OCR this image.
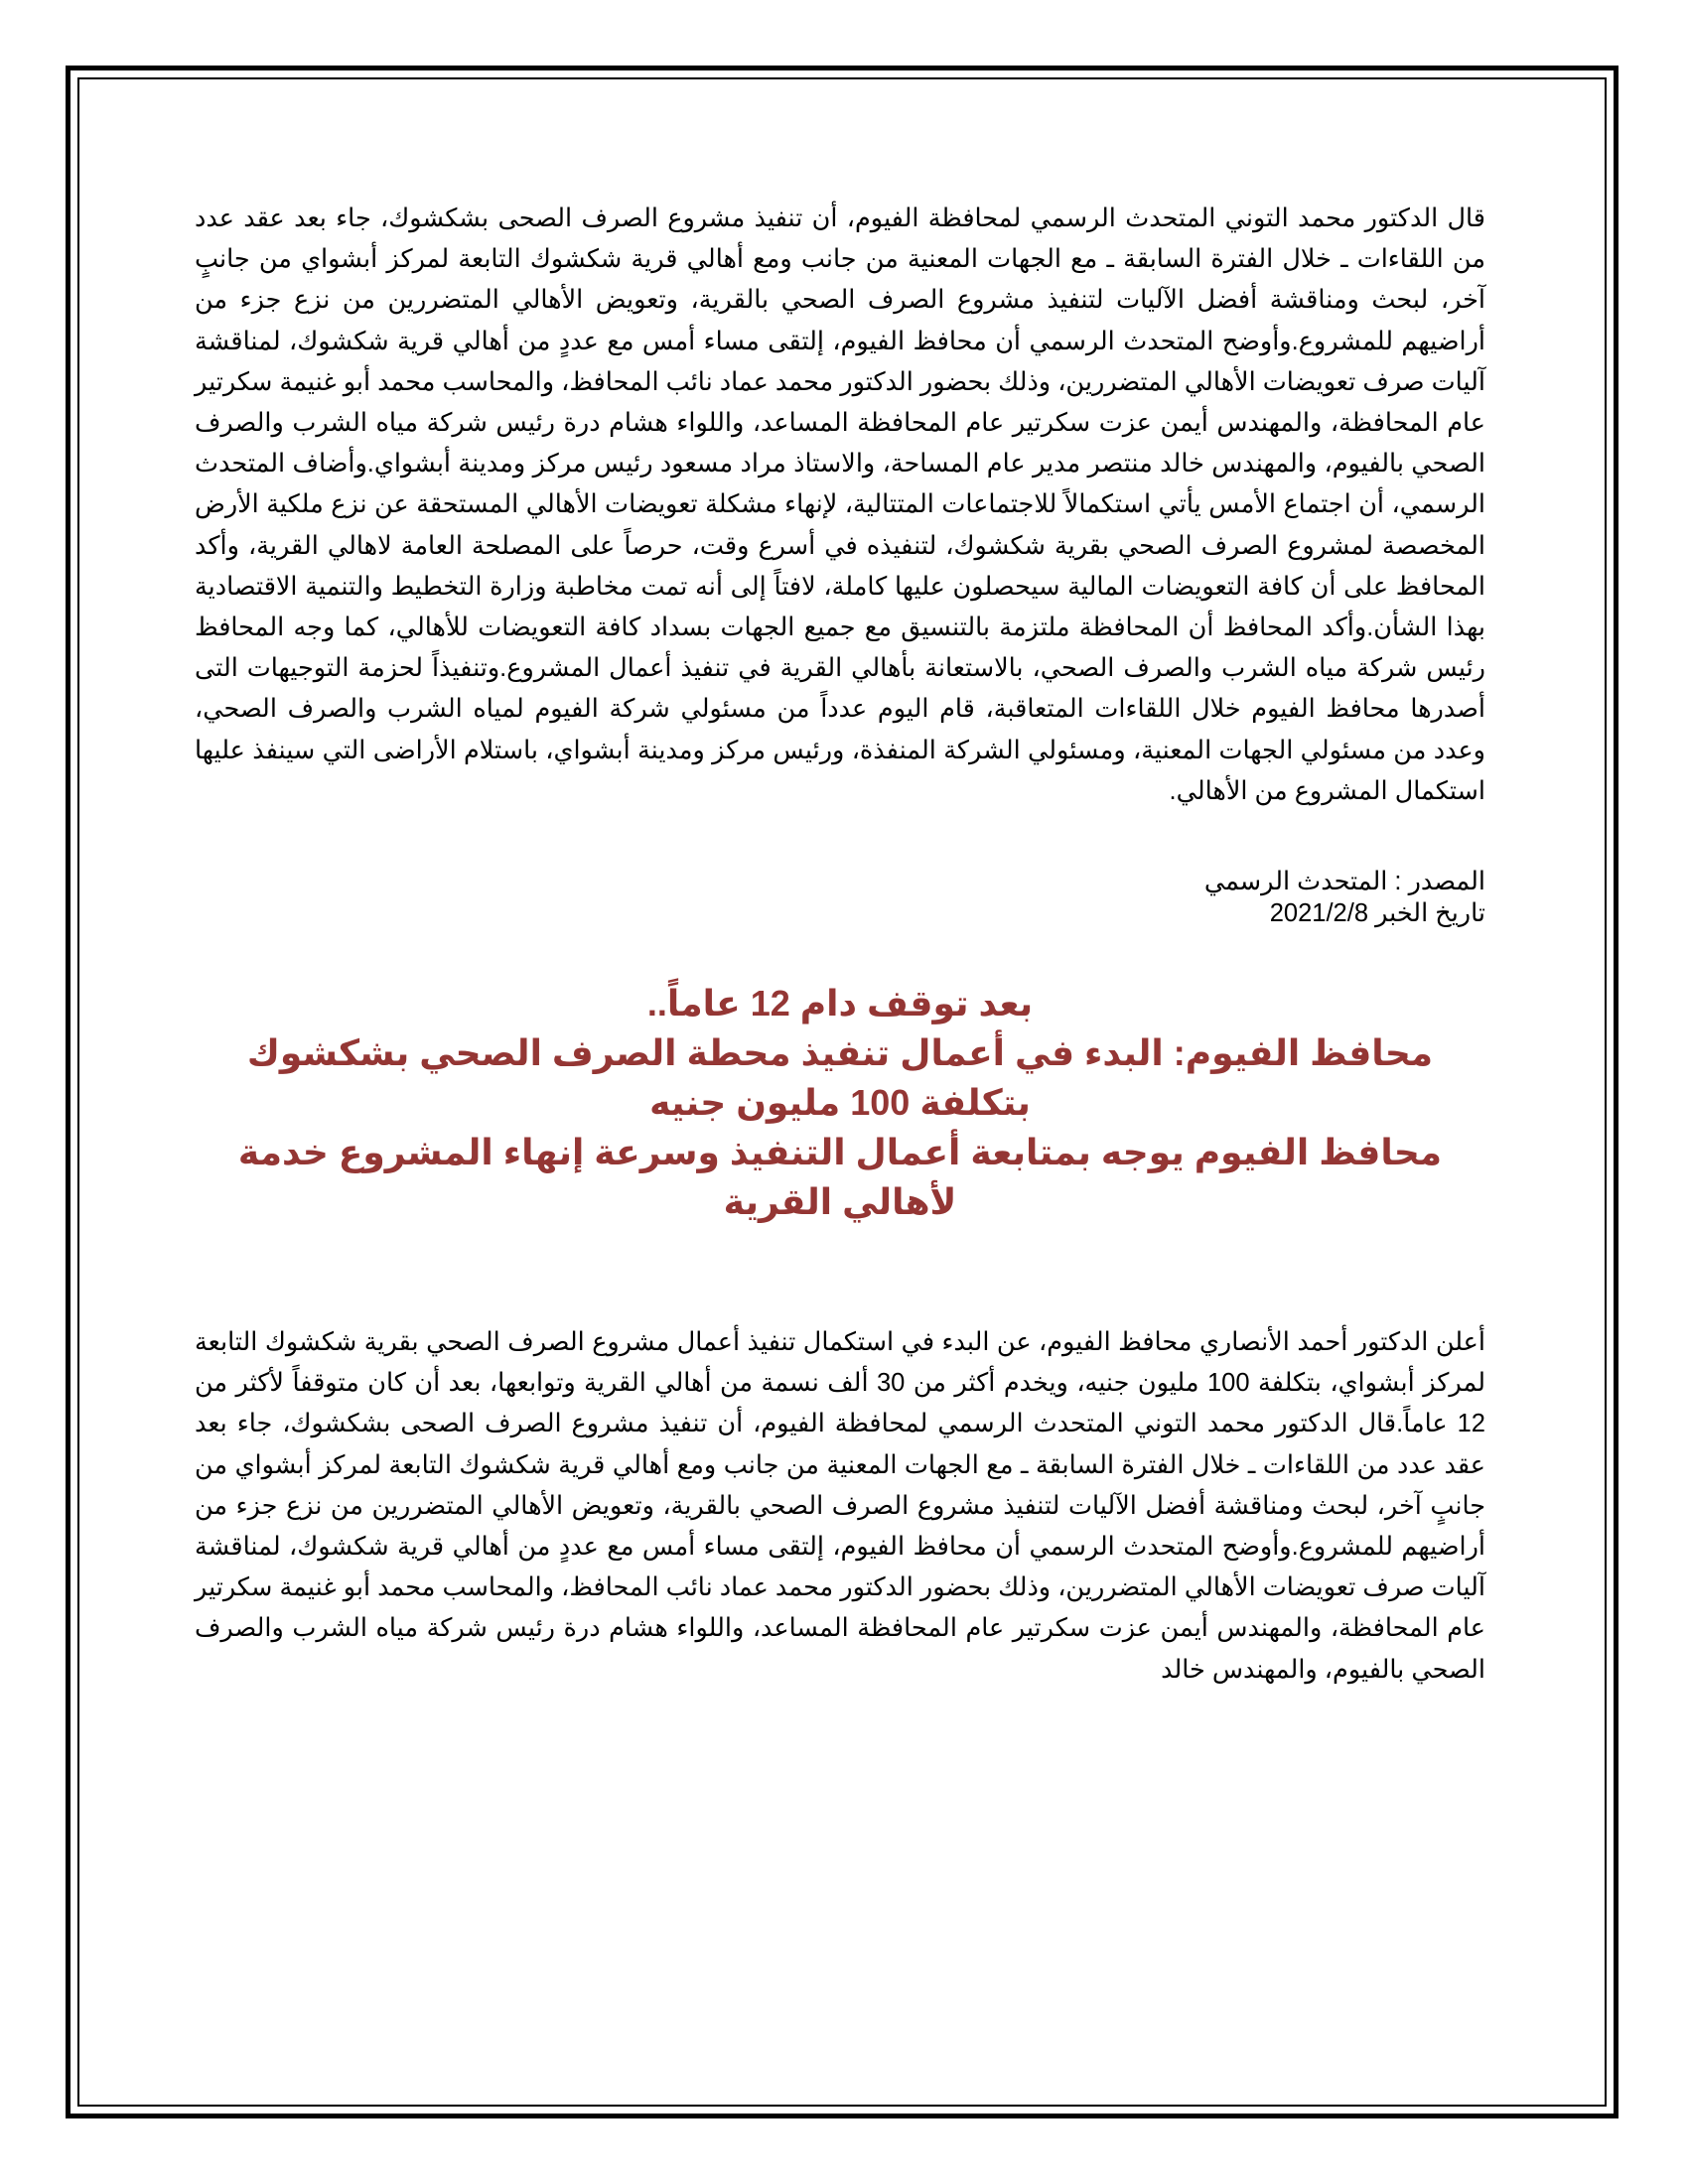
قال الدكتور محمد التوني المتحدث الرسمي لمحافظة الفيوم، أن تنفيذ مشروع الصرف الصحى بشكشوك، جاء بعد عقد عدد من اللقاءات ـ خلال الفترة السابقة ـ مع الجهات المعنية من جانب ومع أهالي قرية شكشوك التابعة لمركز أبشواي من جانبٍ آخر، لبحث ومناقشة أفضل الآليات لتنفيذ مشروع الصرف الصحي بالقرية، وتعويض الأهالي المتضررين من نزع جزء من أراضيهم للمشروع.وأوضح المتحدث الرسمي أن محافظ الفيوم، إلتقى مساء أمس مع عددٍ من أهالي قرية شكشوك، لمناقشة آليات صرف تعويضات الأهالي المتضررين، وذلك بحضور الدكتور محمد عماد نائب المحافظ، والمحاسب محمد أبو غنيمة سكرتير عام المحافظة، والمهندس أيمن عزت سكرتير عام المحافظة المساعد، واللواء هشام درة رئيس شركة مياه الشرب والصرف الصحي بالفيوم، والمهندس خالد منتصر مدير عام المساحة، والاستاذ مراد مسعود رئيس مركز ومدينة أبشواي.وأضاف المتحدث الرسمي، أن اجتماع الأمس يأتي استكمالاً للاجتماعات المتتالية، لإنهاء مشكلة تعويضات الأهالي المستحقة عن نزع ملكية الأرض المخصصة لمشروع الصرف الصحي بقرية شكشوك، لتنفيذه في أسرع وقت، حرصاً على المصلحة العامة لاهالي القرية، وأكد المحافظ على أن كافة التعويضات المالية سيحصلون عليها كاملة، لافتاً إلى أنه تمت مخاطبة وزارة التخطيط والتنمية الاقتصادية بهذا الشأن.وأكد المحافظ أن المحافظة ملتزمة بالتنسيق مع جميع الجهات بسداد كافة التعويضات للأهالي، كما وجه المحافظ رئيس شركة مياه الشرب والصرف الصحي، بالاستعانة بأهالي القرية في تنفيذ أعمال المشروع.وتنفيذاً لحزمة التوجيهات التى أصدرها محافظ الفيوم خلال اللقاءات المتعاقبة، قام اليوم عدداً من مسئولي شركة الفيوم لمياه الشرب والصرف الصحي، وعدد من مسئولي الجهات المعنية، ومسئولي الشركة المنفذة، ورئيس مركز ومدينة أبشواي، باستلام الأراضى التي سينفذ عليها استكمال المشروع من الأهالي.

المصدر : المتحدث الرسمي
تاريخ الخبر 2021/2/8
بعد توقف دام 12 عاماً..
محافظ الفيوم: البدء في أعمال تنفيذ محطة الصرف الصحي بشكشوك بتكلفة 100 مليون جنيه
محافظ الفيوم يوجه بمتابعة أعمال التنفيذ وسرعة إنهاء المشروع خدمة لأهالي القرية

أعلن الدكتور أحمد الأنصاري محافظ الفيوم، عن البدء في استكمال تنفيذ أعمال مشروع الصرف الصحي بقرية شكشوك التابعة لمركز أبشواي، بتكلفة 100 مليون جنيه، ويخدم أكثر من 30 ألف نسمة من أهالي القرية وتوابعها، بعد أن كان متوقفاً لأكثر من 12 عاماً.قال الدكتور محمد التوني المتحدث الرسمي لمحافظة الفيوم، أن تنفيذ مشروع الصرف الصحى بشكشوك، جاء بعد عقد عدد من اللقاءات ـ خلال الفترة السابقة ـ مع الجهات المعنية من جانب ومع أهالي قرية شكشوك التابعة لمركز أبشواي من جانبٍ آخر، لبحث ومناقشة أفضل الآليات لتنفيذ مشروع الصرف الصحي بالقرية، وتعويض الأهالي المتضررين من نزع جزء من أراضيهم للمشروع.وأوضح المتحدث الرسمي أن محافظ الفيوم، إلتقى مساء أمس مع عددٍ من أهالي قرية شكشوك، لمناقشة آليات صرف تعويضات الأهالي المتضررين، وذلك بحضور الدكتور محمد عماد نائب المحافظ، والمحاسب محمد أبو غنيمة سكرتير عام المحافظة، والمهندس أيمن عزت سكرتير عام المحافظة المساعد، واللواء هشام درة رئيس شركة مياه الشرب والصرف الصحي بالفيوم، والمهندس خالد
